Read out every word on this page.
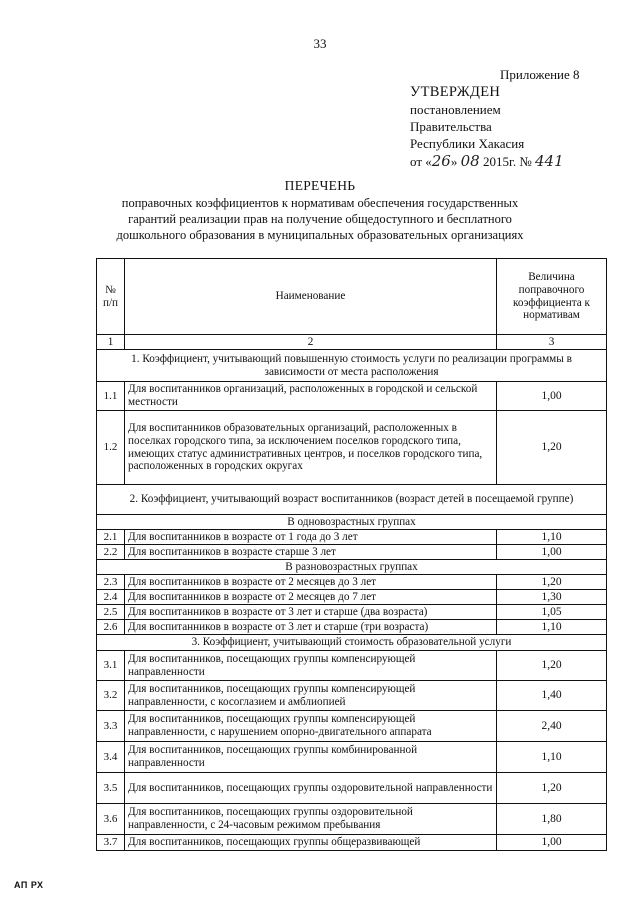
33
Приложение 8
УТВЕРЖДЕН
постановлением
Правительства
Республики Хакасия
от «26» 08 2015г. № 441
ПЕРЕЧЕНЬ
поправочных коэффициентов к нормативам обеспечения государственных
гарантий реализации прав на получение общедоступного и бесплатного
дошкольного образования в муниципальных образовательных организациях
№ п/п	Наименование	Величина поправочного коэффициента к нормативам
1	2	3
1. Коэффициент, учитывающий повышенную стоимость услуги по реализации программы в зависимости от места расположения		
1.1	Для воспитанников организаций, расположенных в городской и сельской местности	1,00
1.2	Для воспитанников образовательных организаций, расположенных в поселках городского типа, за исключением поселков городского типа, имеющих статус административных центров, и поселков городского типа, расположенных в городских округах	1,20
2. Коэффициент, учитывающий возраст воспитанников (возраст детей в посещаемой группе)		
В одновозрастных группах		
2.1	Для воспитанников в возрасте от 1 года до 3 лет	1,10
2.2	Для воспитанников в возрасте старше 3 лет	1,00
В разновозрастных группах		
2.3	Для воспитанников в возрасте от 2 месяцев до 3 лет	1,20
2.4	Для воспитанников в возрасте от 2 месяцев до 7 лет	1,30
2.5	Для воспитанников в возрасте от 3 лет и старше (два возраста)	1,05
2.6	Для воспитанников в возрасте от 3 лет и старше (три возраста)	1,10
3. Коэффициент, учитывающий стоимость образовательной услуги		
3.1	Для воспитанников, посещающих группы компенсирующей направленности	1,20
3.2	Для воспитанников, посещающих группы компенсирующей направленности, с косоглазием и амблиопией	1,40
3.3	Для воспитанников, посещающих группы компенсирующей направленности, с нарушением опорно-двигательного аппарата	2,40
3.4	Для воспитанников, посещающих группы комбинированной направленности	1,10
3.5	Для воспитанников, посещающих группы оздоровительной направленности	1,20
3.6	Для воспитанников, посещающих группы оздоровительной направленности, с 24-часовым режимом пребывания	1,80
3.7	Для воспитанников, посещающих группы общеразвивающей	1,00
АП РХ
